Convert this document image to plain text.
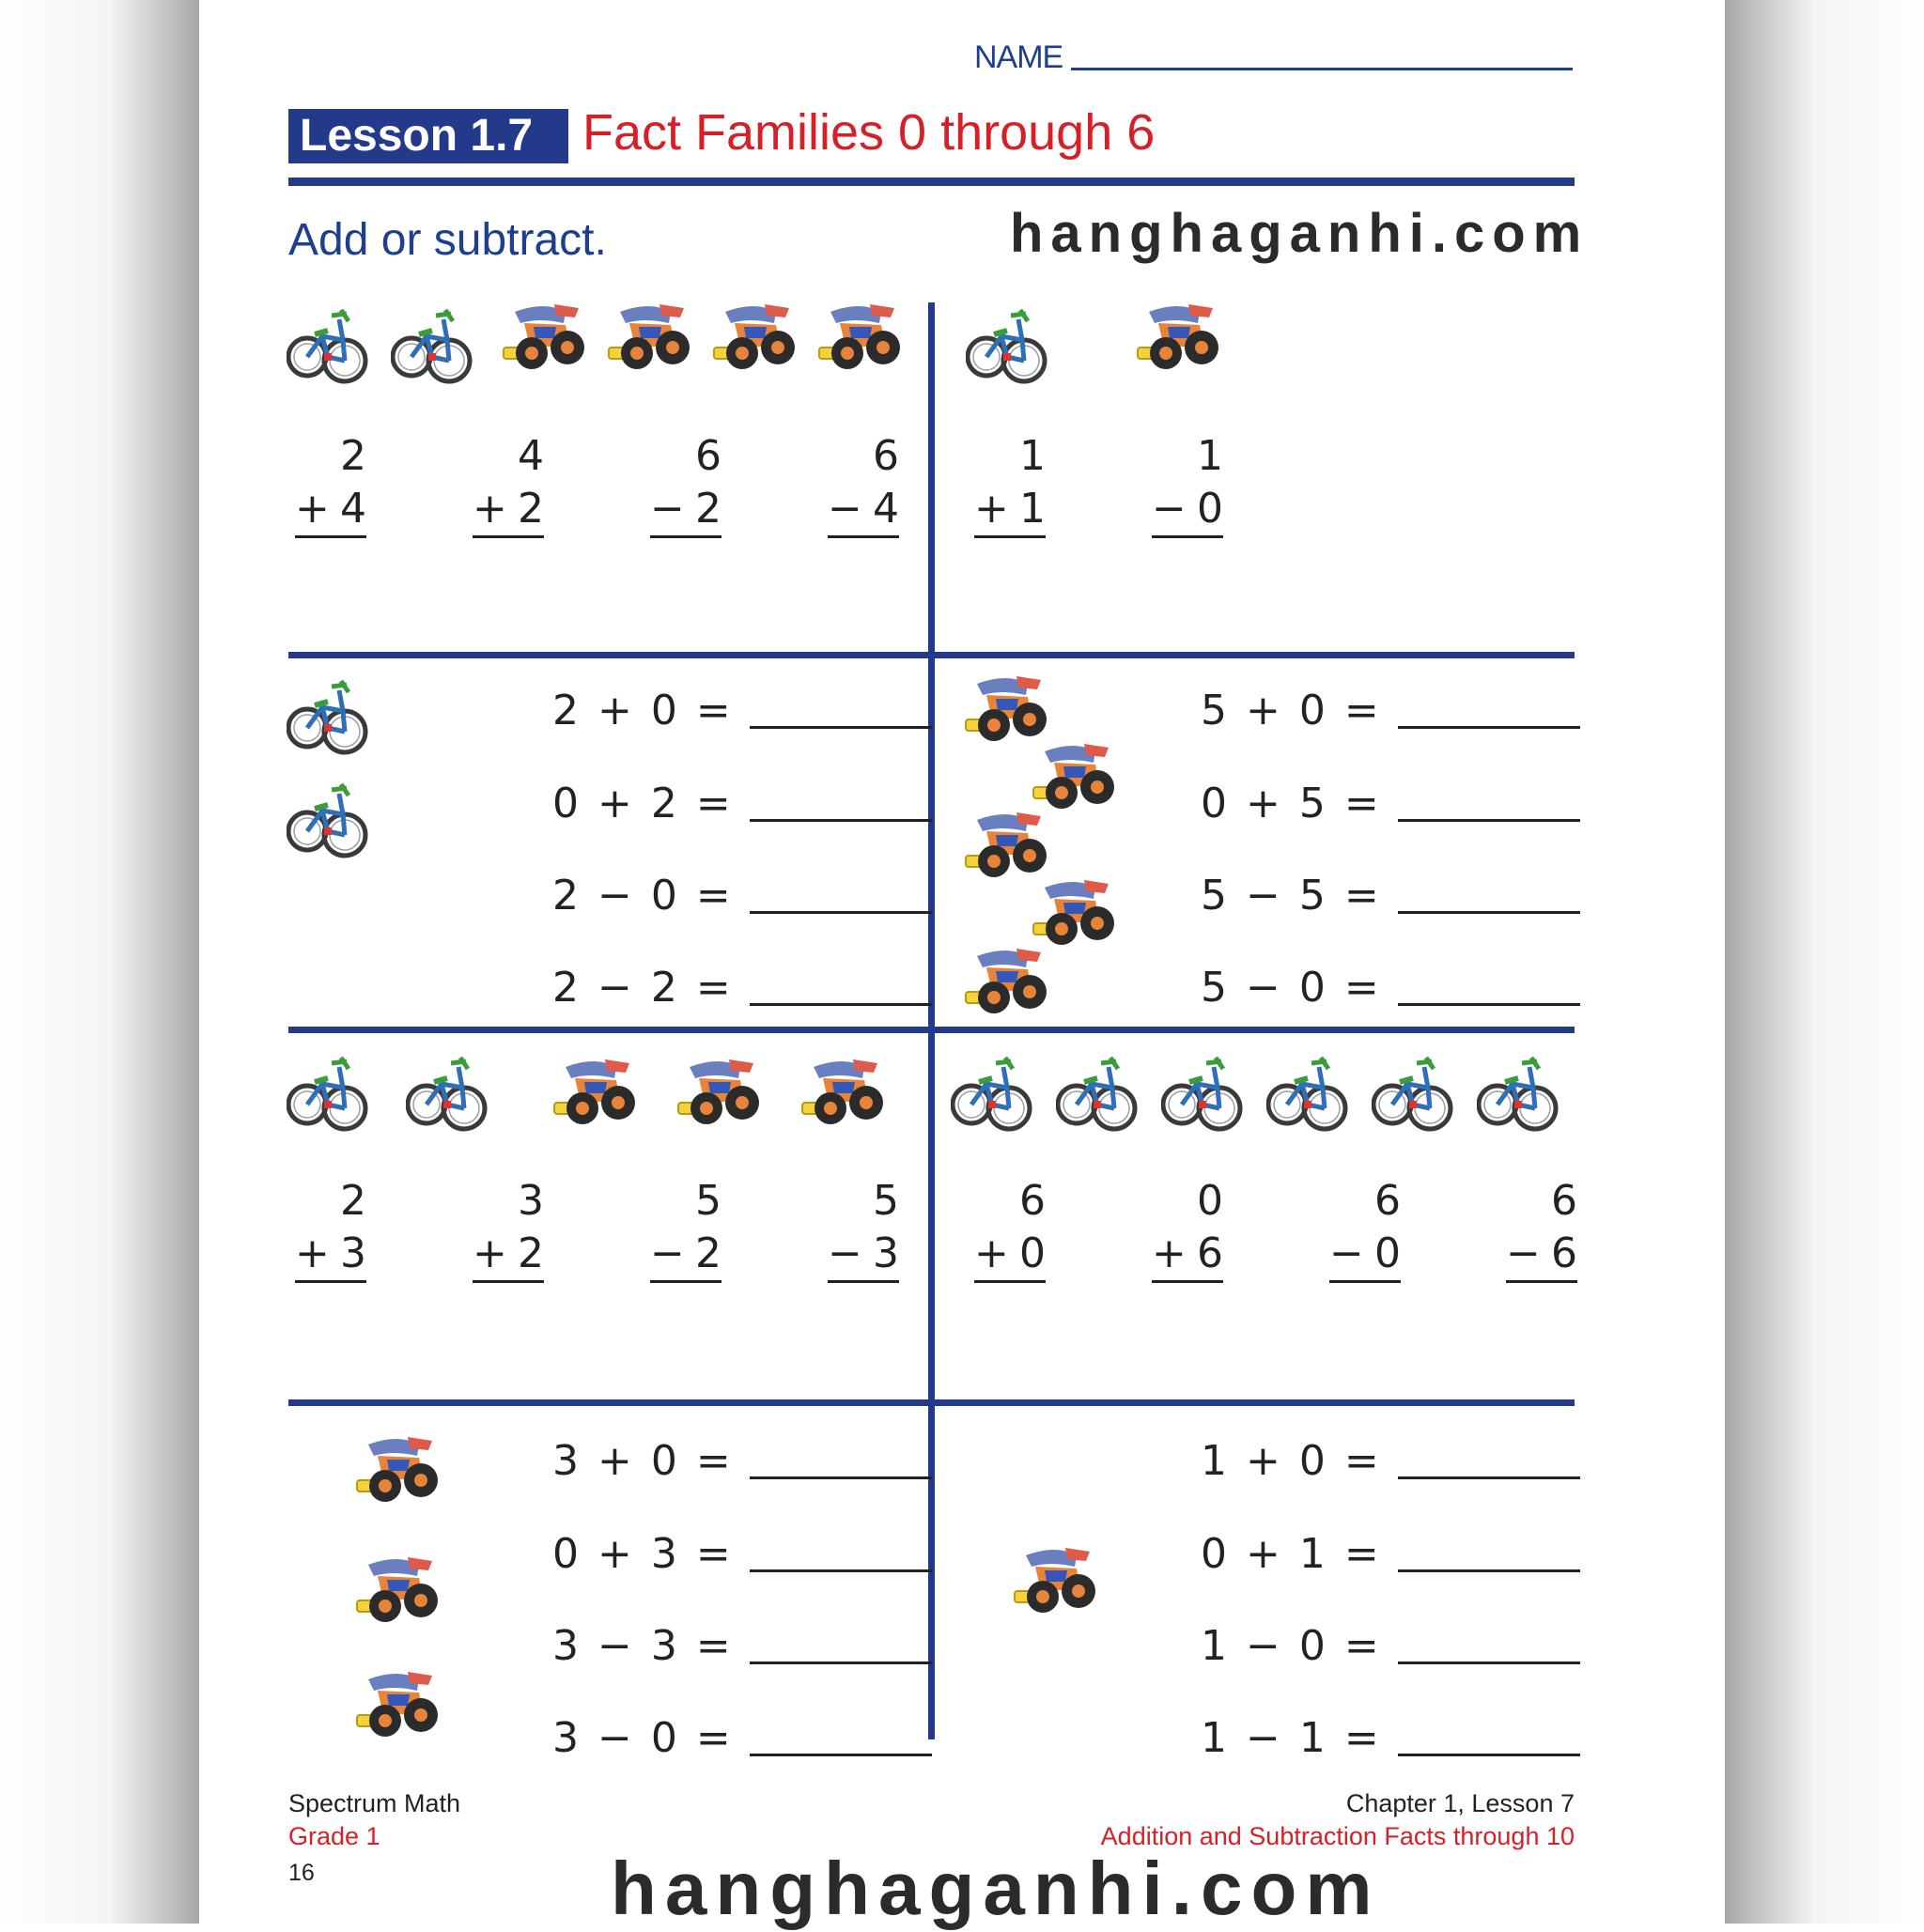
NAME
Lesson 1.7 Fact Families 0 through 6
Add or subtract.	hanghaganhi.com
2
+ 4
4
+ 2
6
− 2
6
− 4
1
+ 1
1
− 0
2 + 0 =
0 + 2 =
2 − 0 =
2 − 2 =
5 + 0 =
0 + 5 =
5 − 5 =
5 − 0 =
2
+ 3
3
+ 2
5
− 2
5
− 3
6
+ 0
0
+ 6
6
− 0
6
− 6
3 + 0 =
0 + 3 =
3 − 3 =
3 − 0 =
1 + 0 =
0 + 1 =
1 − 0 =
1 − 1 =
Spectrum Math
Grade 1
16
Chapter 1, Lesson 7
Addition and Subtraction Facts through 10
hanghaganhi.com
